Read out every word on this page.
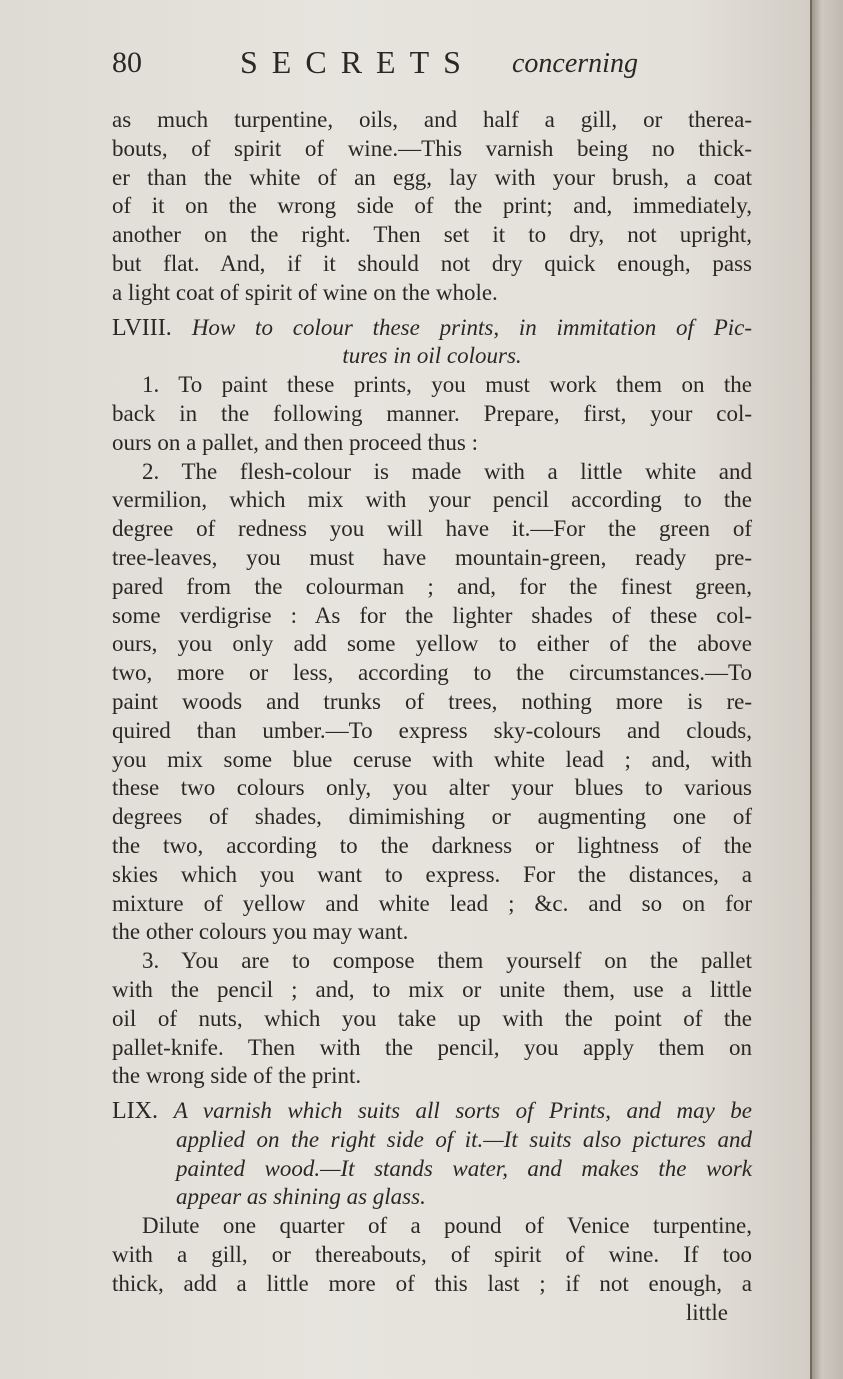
80	SECRETS concerning
as much turpentine, oils, and half a gill, or therea-
bouts, of spirit of wine.—This varnish being no thick-
er than the white of an egg, lay with your brush, a coat
of it on the wrong side of the print; and, immediately,
another on the right. Then set it to dry, not upright,
but flat. And, if it should not dry quick enough, pass
a light coat of spirit of wine on the whole.
LVIII. How to colour these prints, in immitation of Pic-
tures in oil colours.
1. To paint these prints, you must work them on the
back in the following manner. Prepare, first, your col-
ours on a pallet, and then proceed thus :
2. The flesh-colour is made with a little white and
vermilion, which mix with your pencil according to the
degree of redness you will have it.—For the green of
tree-leaves, you must have mountain-green, ready pre-
pared from the colourman ; and, for the finest green,
some verdigrise : As for the lighter shades of these col-
ours, you only add some yellow to either of the above
two, more or less, according to the circumstances.—To
paint woods and trunks of trees, nothing more is re-
quired than umber.—To express sky-colours and clouds,
you mix some blue ceruse with white lead ; and, with
these two colours only, you alter your blues to various
degrees of shades, dimimishing or augmenting one of
the two, according to the darkness or lightness of the
skies which you want to express. For the distances, a
mixture of yellow and white lead ; &c. and so on for
the other colours you may want.
3. You are to compose them yourself on the pallet
with the pencil ; and, to mix or unite them, use a little
oil of nuts, which you take up with the point of the
pallet-knife. Then with the pencil, you apply them on
the wrong side of the print.
LIX. A varnish which suits all sorts of Prints, and may be
applied on the right side of it.—It suits also pictures and
painted wood.—It stands water, and makes the work
appear as shining as glass.
Dilute one quarter of a pound of Venice turpentine,
with a gill, or thereabouts, of spirit of wine. If too
thick, add a little more of this last ; if not enough, a
little
